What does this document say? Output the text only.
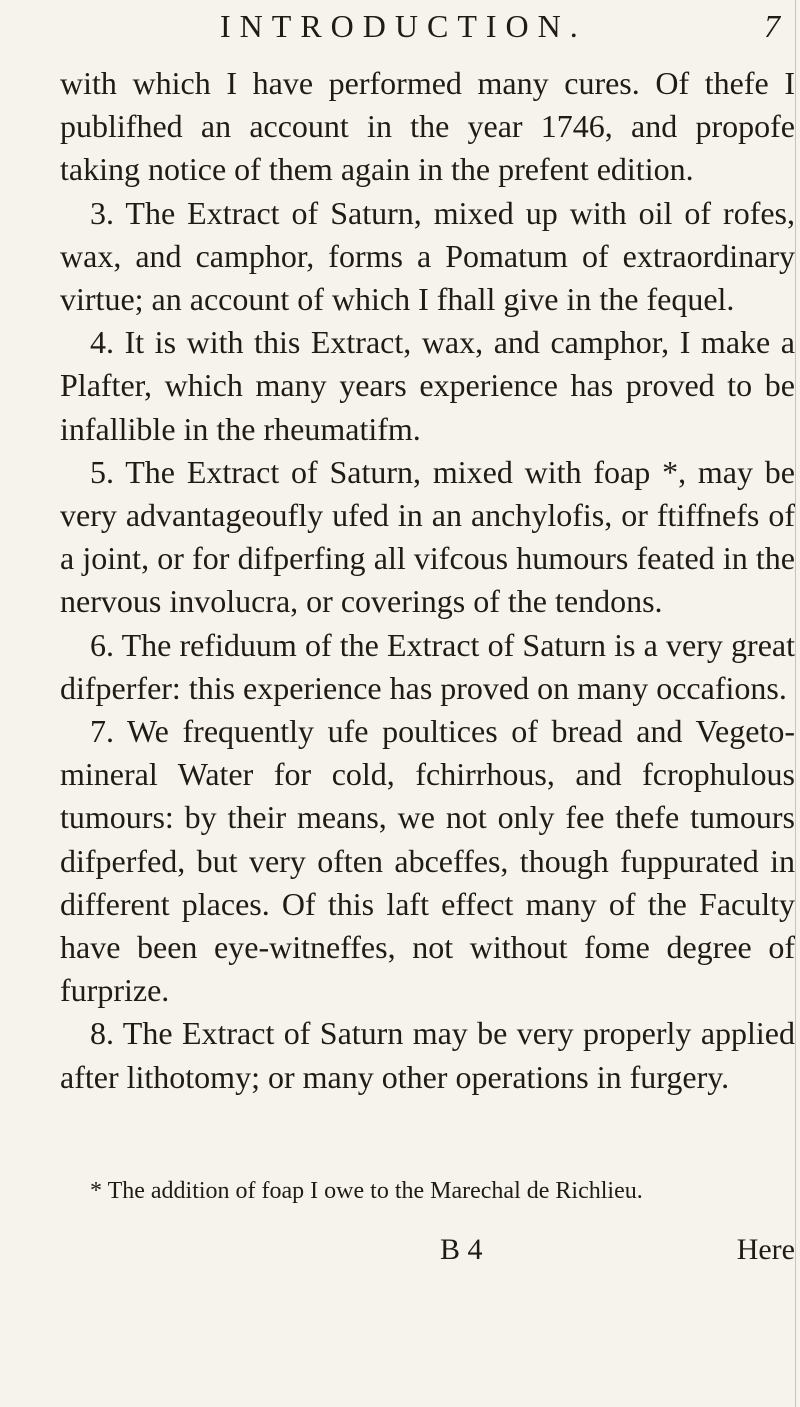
INTRODUCTION.	7

with which I have performed many cures. Of thefe I publifhed an account in the year 1746, and propofe taking notice of them again in the prefent edition.

3. The Extract of Saturn, mixed up with oil of rofes, wax, and camphor, forms a Pomatum of extraordinary virtue; an account of which I fhall give in the fequel.

4. It is with this Extract, wax, and camphor, I make a Plafter, which many years experience has proved to be infallible in the rheumatifm.

5. The Extract of Saturn, mixed with foap *, may be very advantageoufly ufed in an anchylofis, or ftiffnefs of a joint, or for difperfing all vifcous humours feated in the nervous involucra, or coverings of the tendons.

6. The refiduum of the Extract of Saturn is a very great difperfer: this experience has proved on many occafions.

7. We frequently ufe poultices of bread and Vegeto-mineral Water for cold, fchirrhous, and fcrophulous tumours: by their means, we not only fee thefe tumours difperfed, but very often abceffes, though fuppurated in different places. Of this laft effect many of the Faculty have been eye-witneffes, not without fome degree of furprize.

8. The Extract of Saturn may be very properly applied after lithotomy; or many other operations in furgery.

* The addition of foap I owe to the Marechal de Richlieu.

B 4	Here
